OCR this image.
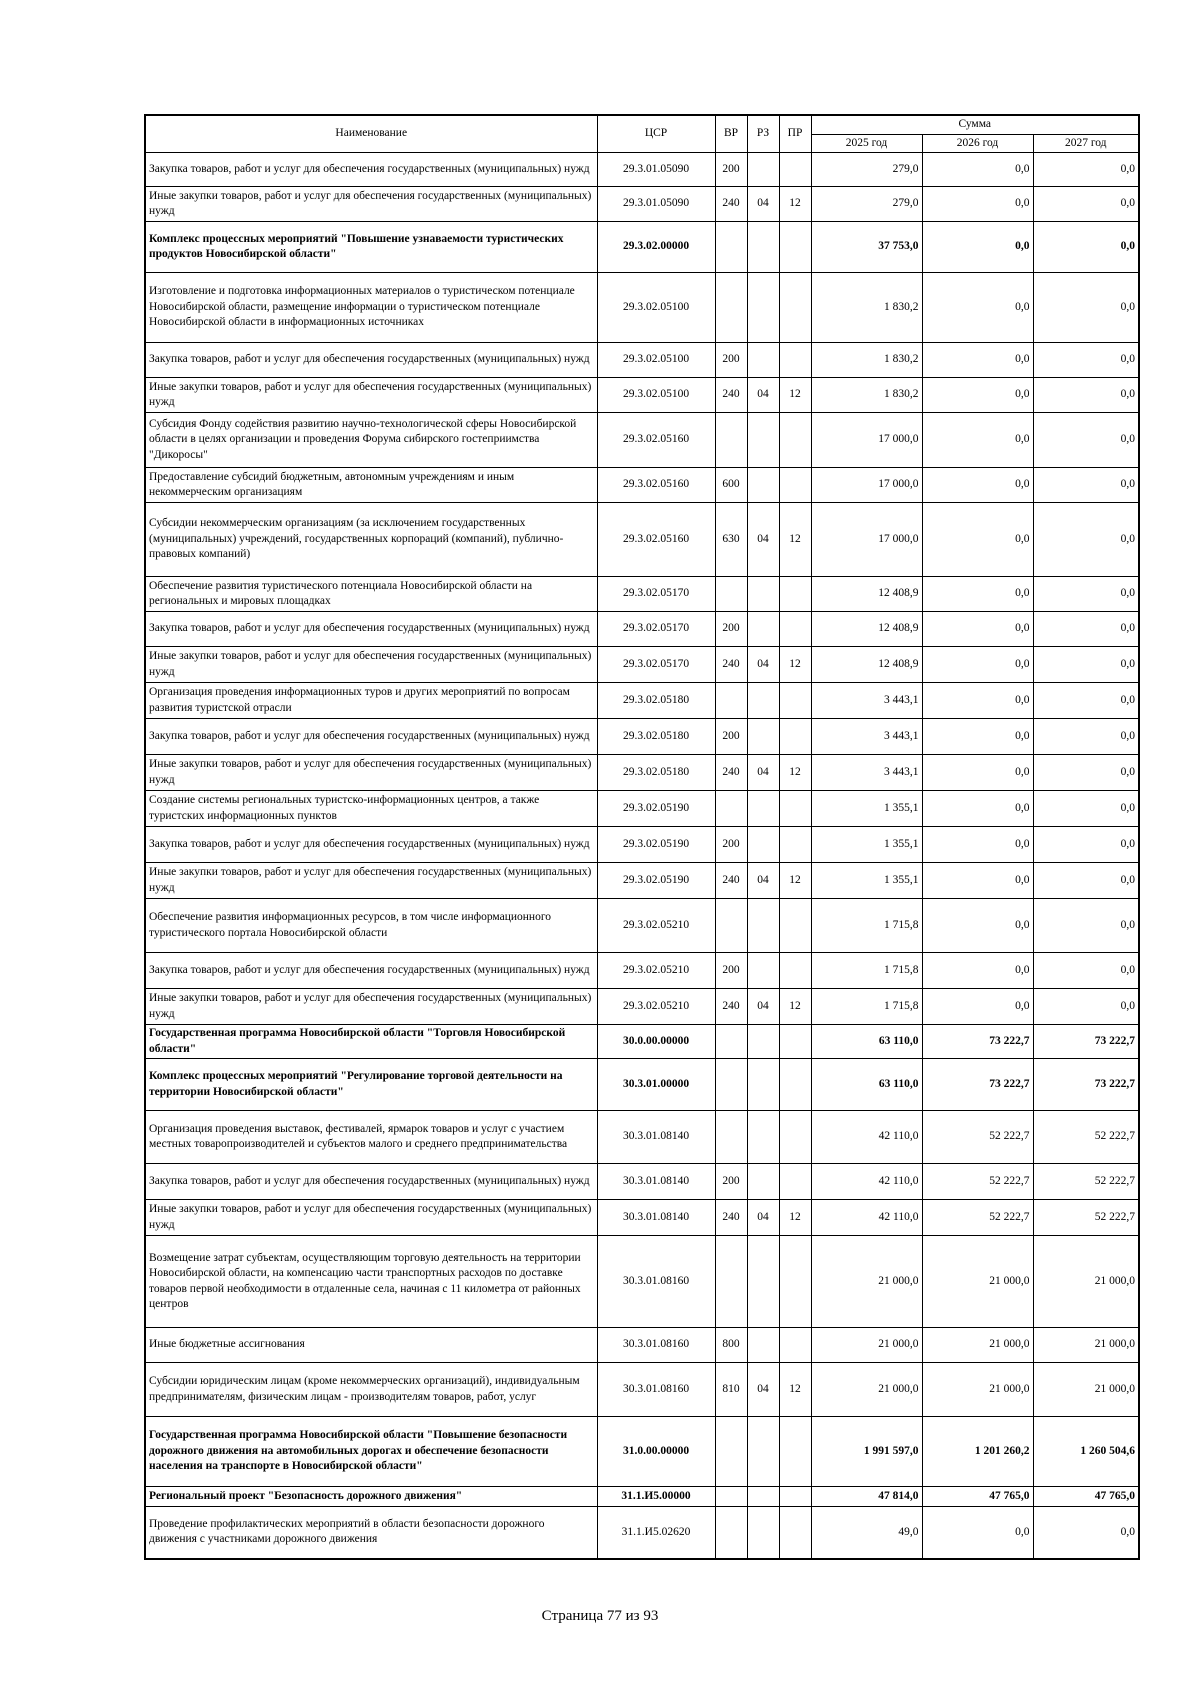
Наименование	ЦСР	ВР	РЗ	ПР	Сумма		
					2025 год	2026 год	2027 год
Закупка товаров, работ и услуг для обеспечения государственных (муниципальных) нужд	29.3.01.05090	200			279,0	0,0	0,0
Иные закупки товаров, работ и услуг для обеспечения государственных (муниципальных) нужд	29.3.01.05090	240	04	12	279,0	0,0	0,0
Комплекс процессных мероприятий "Повышение узнаваемости туристических продуктов Новосибирской области"	29.3.02.00000				37 753,0	0,0	0,0
Изготовление и подготовка информационных материалов о туристическом потенциале Новосибирской области, размещение информации о туристическом потенциале Новосибирской области в информационных источниках	29.3.02.05100				1 830,2	0,0	0,0
Закупка товаров, работ и услуг для обеспечения государственных (муниципальных) нужд	29.3.02.05100	200			1 830,2	0,0	0,0
Иные закупки товаров, работ и услуг для обеспечения государственных (муниципальных) нужд	29.3.02.05100	240	04	12	1 830,2	0,0	0,0
Субсидия Фонду содействия развитию научно-технологической сферы Новосибирской области в целях организации и проведения Форума сибирского гостеприимства "Дикоросы"	29.3.02.05160				17 000,0	0,0	0,0
Предоставление субсидий бюджетным, автономным учреждениям и иным некоммерческим организациям	29.3.02.05160	600			17 000,0	0,0	0,0
Субсидии некоммерческим организациям (за исключением государственных (муниципальных) учреждений, государственных корпораций (компаний), публично-правовых компаний)	29.3.02.05160	630	04	12	17 000,0	0,0	0,0
Обеспечение развития туристического потенциала Новосибирской области на региональных и мировых площадках	29.3.02.05170				12 408,9	0,0	0,0
Закупка товаров, работ и услуг для обеспечения государственных (муниципальных) нужд	29.3.02.05170	200			12 408,9	0,0	0,0
Иные закупки товаров, работ и услуг для обеспечения государственных (муниципальных) нужд	29.3.02.05170	240	04	12	12 408,9	0,0	0,0
Организация проведения информационных туров и других мероприятий по вопросам развития туристской отрасли	29.3.02.05180				3 443,1	0,0	0,0
Закупка товаров, работ и услуг для обеспечения государственных (муниципальных) нужд	29.3.02.05180	200			3 443,1	0,0	0,0
Иные закупки товаров, работ и услуг для обеспечения государственных (муниципальных) нужд	29.3.02.05180	240	04	12	3 443,1	0,0	0,0
Создание системы региональных туристско-информационных центров, а также туристских информационных пунктов	29.3.02.05190				1 355,1	0,0	0,0
Закупка товаров, работ и услуг для обеспечения государственных (муниципальных) нужд	29.3.02.05190	200			1 355,1	0,0	0,0
Иные закупки товаров, работ и услуг для обеспечения государственных (муниципальных) нужд	29.3.02.05190	240	04	12	1 355,1	0,0	0,0
Обеспечение развития информационных ресурсов, в том числе информационного туристического портала Новосибирской области	29.3.02.05210				1 715,8	0,0	0,0
Закупка товаров, работ и услуг для обеспечения государственных (муниципальных) нужд	29.3.02.05210	200			1 715,8	0,0	0,0
Иные закупки товаров, работ и услуг для обеспечения государственных (муниципальных) нужд	29.3.02.05210	240	04	12	1 715,8	0,0	0,0
Государственная программа Новосибирской области "Торговля Новосибирской области"	30.0.00.00000				63 110,0	73 222,7	73 222,7
Комплекс процессных мероприятий "Регулирование торговой деятельности на территории Новосибирской области"	30.3.01.00000				63 110,0	73 222,7	73 222,7
Организация проведения выставок, фестивалей, ярмарок товаров и услуг с участием местных товаропроизводителей и субъектов малого и среднего предпринимательства	30.3.01.08140				42 110,0	52 222,7	52 222,7
Закупка товаров, работ и услуг для обеспечения государственных (муниципальных) нужд	30.3.01.08140	200			42 110,0	52 222,7	52 222,7
Иные закупки товаров, работ и услуг для обеспечения государственных (муниципальных) нужд	30.3.01.08140	240	04	12	42 110,0	52 222,7	52 222,7
Возмещение затрат субъектам, осуществляющим торговую деятельность на территории Новосибирской области, на компенсацию части транспортных расходов по доставке товаров первой необходимости в отдаленные села, начиная с 11 километра от районных центров	30.3.01.08160				21 000,0	21 000,0	21 000,0
Иные бюджетные ассигнования	30.3.01.08160	800			21 000,0	21 000,0	21 000,0
Субсидии юридическим лицам (кроме некоммерческих организаций), индивидуальным предпринимателям, физическим лицам - производителям товаров, работ, услуг	30.3.01.08160	810	04	12	21 000,0	21 000,0	21 000,0
Государственная программа Новосибирской области "Повышение безопасности дорожного движения на автомобильных дорогах и обеспечение безопасности населения на транспорте в Новосибирской области"	31.0.00.00000				1 991 597,0	1 201 260,2	1 260 504,6
Региональный проект "Безопасность дорожного движения"	31.1.И5.00000				47 814,0	47 765,0	47 765,0
Проведение профилактических мероприятий в области безопасности дорожного движения с участниками дорожного движения	31.1.И5.02620				49,0	0,0	0,0
Страница 77 из 93
